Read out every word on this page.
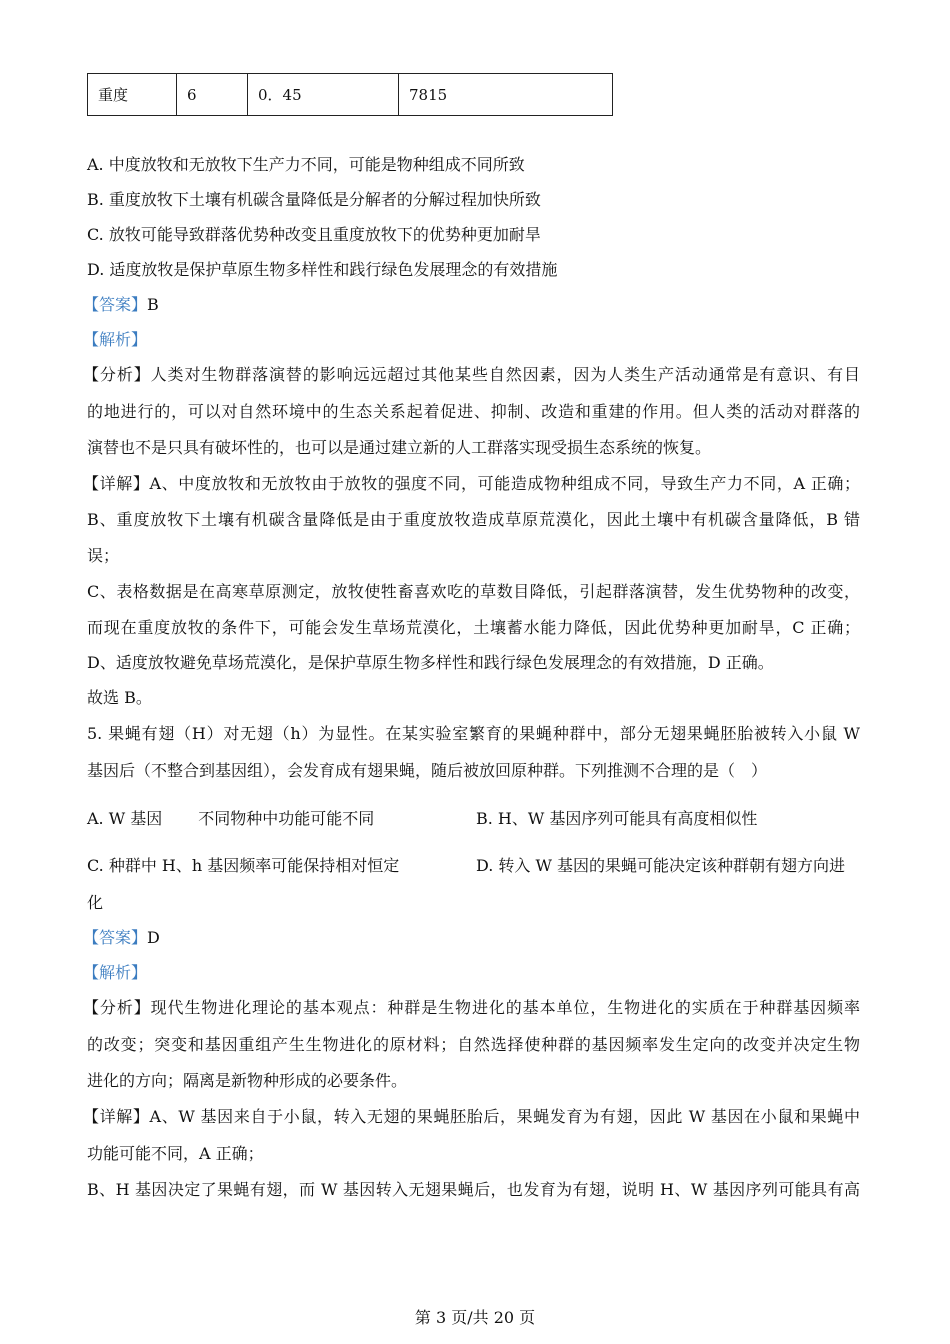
重度	6	0．45	7815
A. 中度放牧和无放牧下生产力不同，可能是物种组成不同所致
B. 重度放牧下土壤有机碳含量降低是分解者的分解过程加快所致
C. 放牧可能导致群落优势种改变且重度放牧下的优势种更加耐旱
D. 适度放牧是保护草原生物多样性和践行绿色发展理念的有效措施
【答案】B
【解析】
【分析】人类对生物群落演替的影响远远超过其他某些自然因素，因为人类生产活动通常是有意识、有目
的地进行的，可以对自然环境中的生态关系起着促进、抑制、改造和重建的作用。但人类的活动对群落的
演替也不是只具有破坏性的，也可以是通过建立新的人工群落实现受损生态系统的恢复。
【详解】A、中度放牧和无放牧由于放牧的强度不同，可能造成物种组成不同，导致生产力不同，A 正确；
B、重度放牧下土壤有机碳含量降低是由于重度放牧造成草原荒漠化，因此土壤中有机碳含量降低，B 错
误；
C、表格数据是在高寒草原测定，放牧使牲畜喜欢吃的草数目降低，引起群落演替，发生优势物种的改变，
而现在重度放牧的条件下，可能会发生草场荒漠化，土壤蓄水能力降低，因此优势种更加耐旱，C 正确；
D、适度放牧避免草场荒漠化，是保护草原生物多样性和践行绿色发展理念的有效措施，D 正确。
故选 B。
5. 果蝇有翅（H）对无翅（h）为显性。在某实验室繁育的果蝇种群中，部分无翅果蝇胚胎被转入小鼠 W
基因后（不整合到基因组），会发育成有翅果蝇，随后被放回原种群。下列推测不合理的是（　）
A. W 基因 不同物种中功能可能不同	B. H、W 基因序列可能具有高度相似性
C. 种群中 H、h 基因频率可能保持相对恒定	D. 转入 W 基因的果蝇可能决定该种群朝有翅方向进
化
【答案】D
【解析】
【分析】现代生物进化理论的基本观点：种群是生物进化的基本单位，生物进化的实质在于种群基因频率
的改变；突变和基因重组产生生物进化的原材料；自然选择使种群的基因频率发生定向的改变并决定生物
进化的方向；隔离是新物种形成的必要条件。
【详解】A、W 基因来自于小鼠，转入无翅的果蝇胚胎后，果蝇发育为有翅，因此 W 基因在小鼠和果蝇中
功能可能不同，A 正确；
B、H 基因决定了果蝇有翅，而 W 基因转入无翅果蝇后，也发育为有翅，说明 H、W 基因序列可能具有高
第 3 页/共 20 页
